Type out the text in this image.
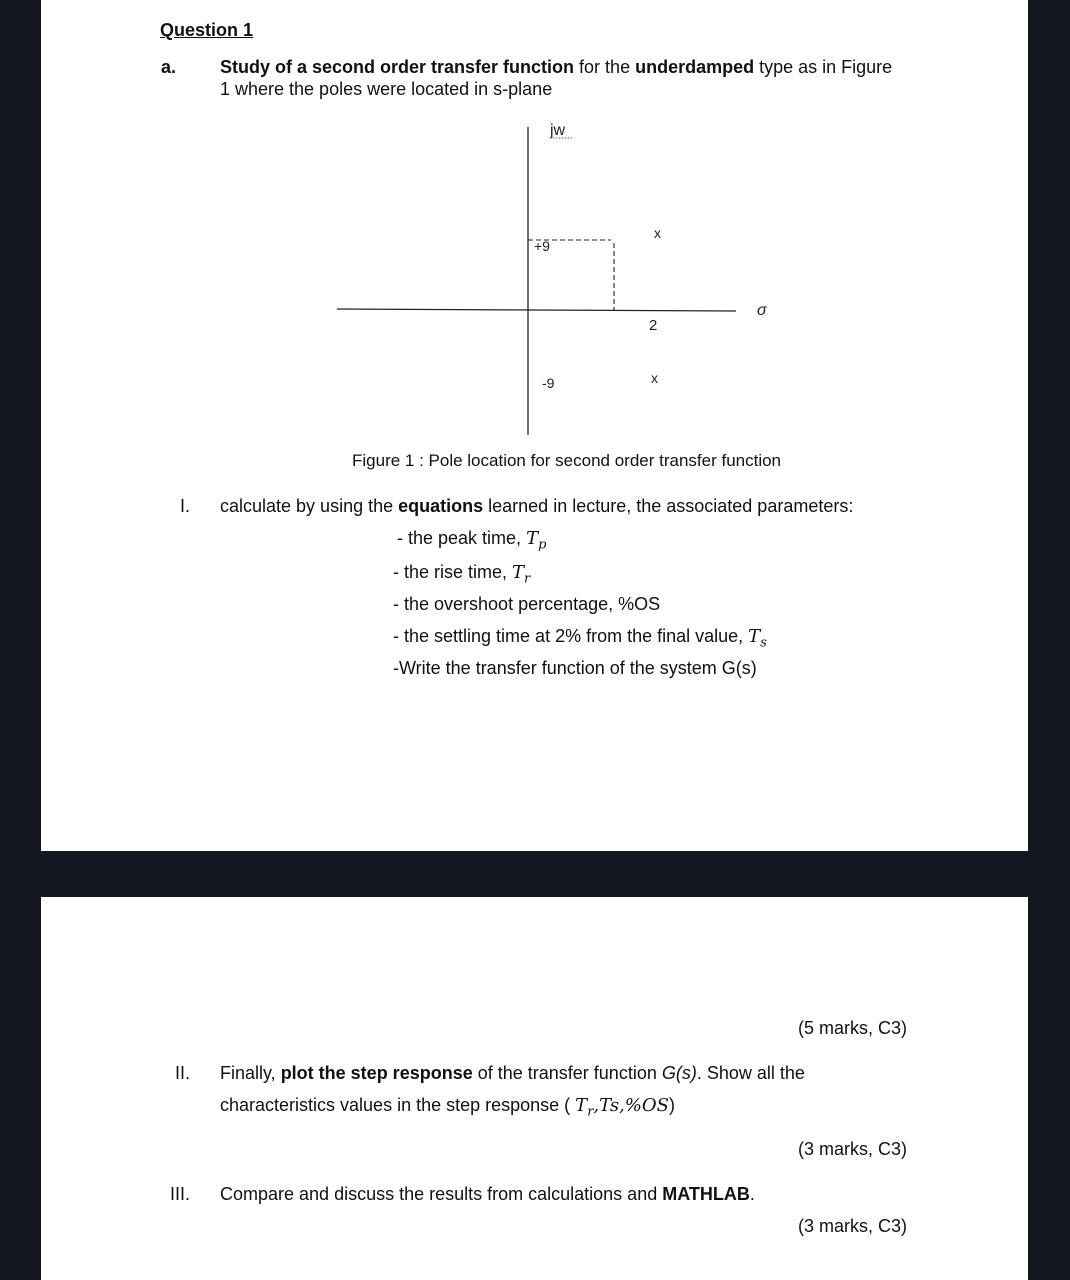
Question 1
a. Study of a second order transfer function for the underdamped type as in Figure
1 where the poles were located in s-plane
jw
σ
+9
-9
2
x
x
Figure 1 : Pole location for second order transfer function
I. calculate by using the equations learned in lecture, the associated parameters:
- the peak time, $T_p$
- the rise time, $T_r$
- the overshoot percentage, %OS
- the settling time at 2% from the final value, $T_s$
-Write the transfer function of the system G(s)
(5 marks, C3)
II. Finally, plot the step response of the transfer function G(s). Show all the
characteristics values in the step response ( $T_r,Ts,\%OS$)
(3 marks, C3)
III. Compare and discuss the results from calculations and MATHLAB.
(3 marks, C3)
